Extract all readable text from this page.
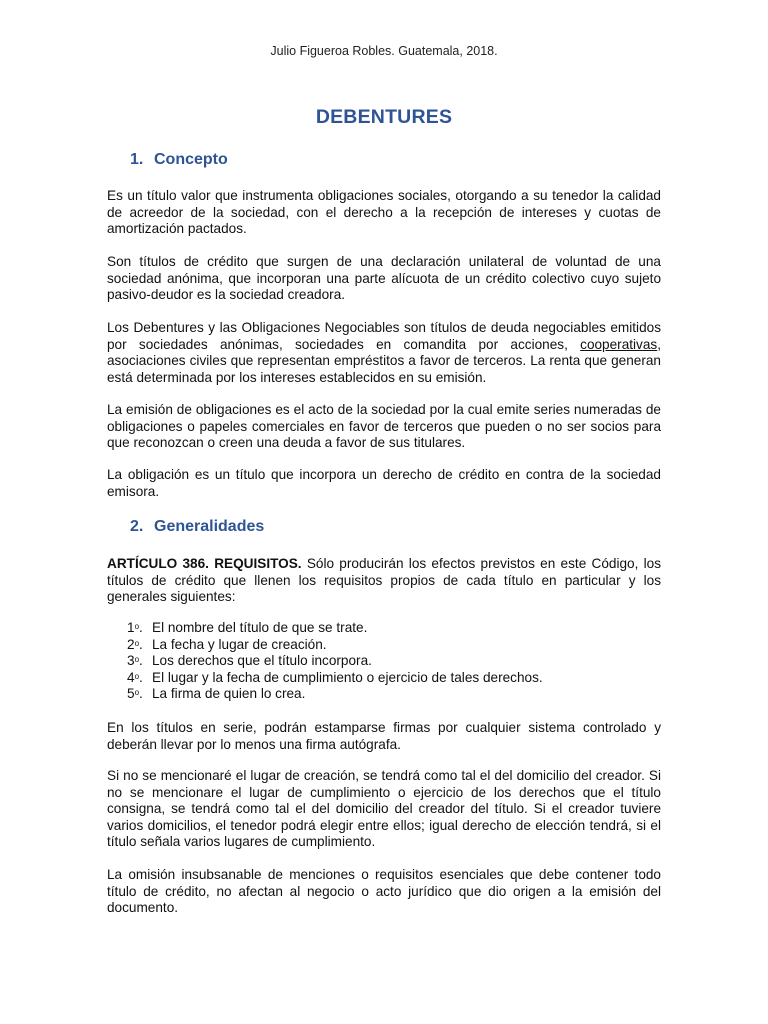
Julio Figueroa Robles. Guatemala, 2018.
DEBENTURES
1. Concepto
Es un título valor que instrumenta obligaciones sociales, otorgando a su tenedor la calidad de acreedor de la sociedad, con el derecho a la recepción de intereses y cuotas de amortización pactados.
Son títulos de crédito que surgen de una declaración unilateral de voluntad de una sociedad anónima, que incorporan una parte alícuota de un crédito colectivo cuyo sujeto pasivo-deudor es la sociedad creadora.
Los Debentures y las Obligaciones Negociables son títulos de deuda negociables emitidos por sociedades anónimas, sociedades en comandita por acciones, cooperativas, asociaciones civiles que representan empréstitos a favor de terceros. La renta que generan está determinada por los intereses establecidos en su emisión.
La emisión de obligaciones es el acto de la sociedad por la cual emite series numeradas de obligaciones o papeles comerciales en favor de terceros que pueden o no ser socios para que reconozcan o creen una deuda a favor de sus titulares.
La obligación es un título que incorpora un derecho de crédito en contra de la sociedad emisora.
2. Generalidades
ARTÍCULO 386. REQUISITOS. Sólo producirán los efectos previstos en este Código, los títulos de crédito que llenen los requisitos propios de cada título en particular y los generales siguientes:
1$^o$. El nombre del título de que se trate.
2$^o$. La fecha y lugar de creación.
3$^o$. Los derechos que el título incorpora.
4$^o$. El lugar y la fecha de cumplimiento o ejercicio de tales derechos.
5$^o$. La firma de quien lo crea.
En los títulos en serie, podrán estamparse firmas por cualquier sistema controlado y deberán llevar por lo menos una firma autógrafa.
Si no se mencionaré el lugar de creación, se tendrá como tal el del domicilio del creador. Si no se mencionare el lugar de cumplimiento o ejercicio de los derechos que el título consigna, se tendrá como tal el del domicilio del creador del título. Si el creador tuviere varios domicilios, el tenedor podrá elegir entre ellos; igual derecho de elección tendrá, si el título señala varios lugares de cumplimiento.
La omisión insubsanable de menciones o requisitos esenciales que debe contener todo título de crédito, no afectan al negocio o acto jurídico que dio origen a la emisión del documento.
